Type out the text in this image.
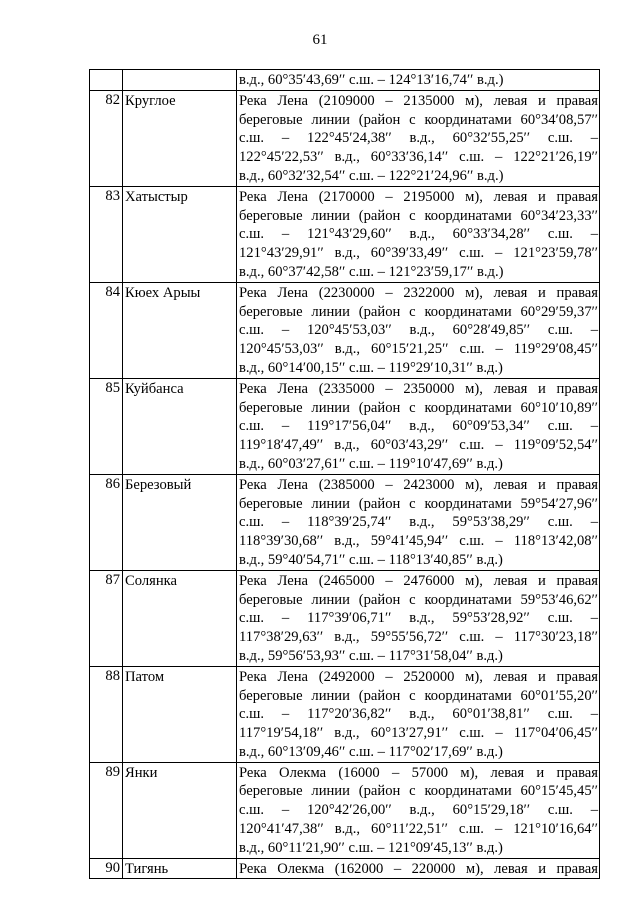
61

		в.д., 60°35′43,69′′ с.ш. – 124°13′16,74′′ в.д.)

82	Круглое	Река Лена (2109000 – 2135000 м), левая и правая
береговые линии (район с координатами 60°34′08,57′′
с.ш. – 122°45′24,38′′ в.д., 60°32′55,25′′ с.ш. –
122°45′22,53′′ в.д., 60°33′36,14′′ с.ш. – 122°21′26,19′′
в.д., 60°32′32,54′′ с.ш. – 122°21′24,96′′ в.д.)

83	Хатыстыр	Река Лена (2170000 – 2195000 м), левая и правая
береговые линии (район с координатами 60°34′23,33′′
с.ш. – 121°43′29,60′′ в.д., 60°33′34,28′′ с.ш. –
121°43′29,91′′ в.д., 60°39′33,49′′ с.ш. – 121°23′59,78′′
в.д., 60°37′42,58′′ с.ш. – 121°23′59,17′′ в.д.)

84	Кюех Арыы	Река Лена (2230000 – 2322000 м), левая и правая
береговые линии (район с координатами 60°29′59,37′′
с.ш. – 120°45′53,03′′ в.д., 60°28′49,85′′ с.ш. –
120°45′53,03′′ в.д., 60°15′21,25′′ с.ш. – 119°29′08,45′′
в.д., 60°14′00,15′′ с.ш. – 119°29′10,31′′ в.д.)

85	Куйбанса	Река Лена (2335000 – 2350000 м), левая и правая
береговые линии (район с координатами 60°10′10,89′′
с.ш. – 119°17′56,04′′ в.д., 60°09′53,34′′ с.ш. –
119°18′47,49′′ в.д., 60°03′43,29′′ с.ш. – 119°09′52,54′′
в.д., 60°03′27,61′′ с.ш. – 119°10′47,69′′ в.д.)

86	Березовый	Река Лена (2385000 – 2423000 м), левая и правая
береговые линии (район с координатами 59°54′27,96′′
с.ш. – 118°39′25,74′′ в.д., 59°53′38,29′′ с.ш. –
118°39′30,68′′ в.д., 59°41′45,94′′ с.ш. – 118°13′42,08′′
в.д., 59°40′54,71′′ с.ш. – 118°13′40,85′′ в.д.)

87	Солянка	Река Лена (2465000 – 2476000 м), левая и правая
береговые линии (район с координатами 59°53′46,62′′
с.ш. – 117°39′06,71′′ в.д., 59°53′28,92′′ с.ш. –
117°38′29,63′′ в.д., 59°55′56,72′′ с.ш. – 117°30′23,18′′
в.д., 59°56′53,93′′ с.ш. – 117°31′58,04′′ в.д.)

88	Патом	Река Лена (2492000 – 2520000 м), левая и правая
береговые линии (район с координатами 60°01′55,20′′
с.ш. – 117°20′36,82′′ в.д., 60°01′38,81′′ с.ш. –
117°19′54,18′′ в.д., 60°13′27,91′′ с.ш. – 117°04′06,45′′
в.д., 60°13′09,46′′ с.ш. – 117°02′17,69′′ в.д.)

89	Янки	Река Олекма (16000 – 57000 м), левая и правая
береговые линии (район с координатами 60°15′45,45′′
с.ш. – 120°42′26,00′′ в.д., 60°15′29,18′′ с.ш. –
120°41′47,38′′ в.д., 60°11′22,51′′ с.ш. – 121°10′16,64′′
в.д., 60°11′21,90′′ с.ш. – 121°09′45,13′′ в.д.)

90	Тигянь	Река Олекма (162000 – 220000 м), левая и правая
